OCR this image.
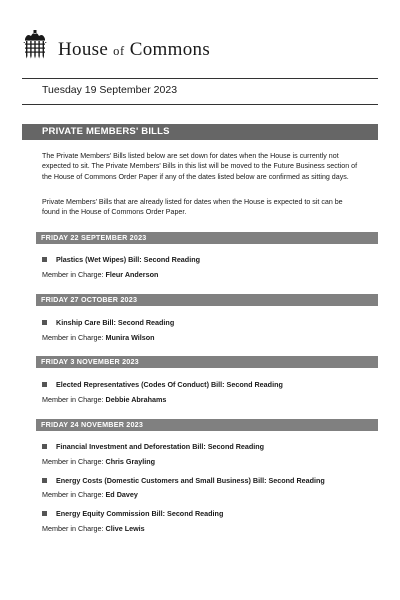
House of Commons
Tuesday 19 September 2023
PRIVATE MEMBERS' BILLS

The Private Members' Bills listed below are set down for dates when the House is currently not expected to sit. The Private Members' Bills in this list will be moved to the Future Business section of the House of Commons Order Paper if any of the dates listed below are confirmed as sitting days.

Private Members' Bills that are already listed for dates when the House is expected to sit can be found in the House of Commons Order Paper.

FRIDAY 22 SEPTEMBER 2023
Plastics (Wet Wipes) Bill: Second Reading
Member in Charge: Fleur Anderson
FRIDAY 27 OCTOBER 2023
Kinship Care Bill: Second Reading
Member in Charge: Munira Wilson
FRIDAY 3 NOVEMBER 2023
Elected Representatives (Codes Of Conduct) Bill: Second Reading
Member in Charge: Debbie Abrahams
FRIDAY 24 NOVEMBER 2023
Financial Investment and Deforestation Bill: Second Reading
Member in Charge: Chris Grayling
Energy Costs (Domestic Customers and Small Business) Bill: Second Reading
Member in Charge: Ed Davey
Energy Equity Commission Bill: Second Reading
Member in Charge: Clive Lewis
